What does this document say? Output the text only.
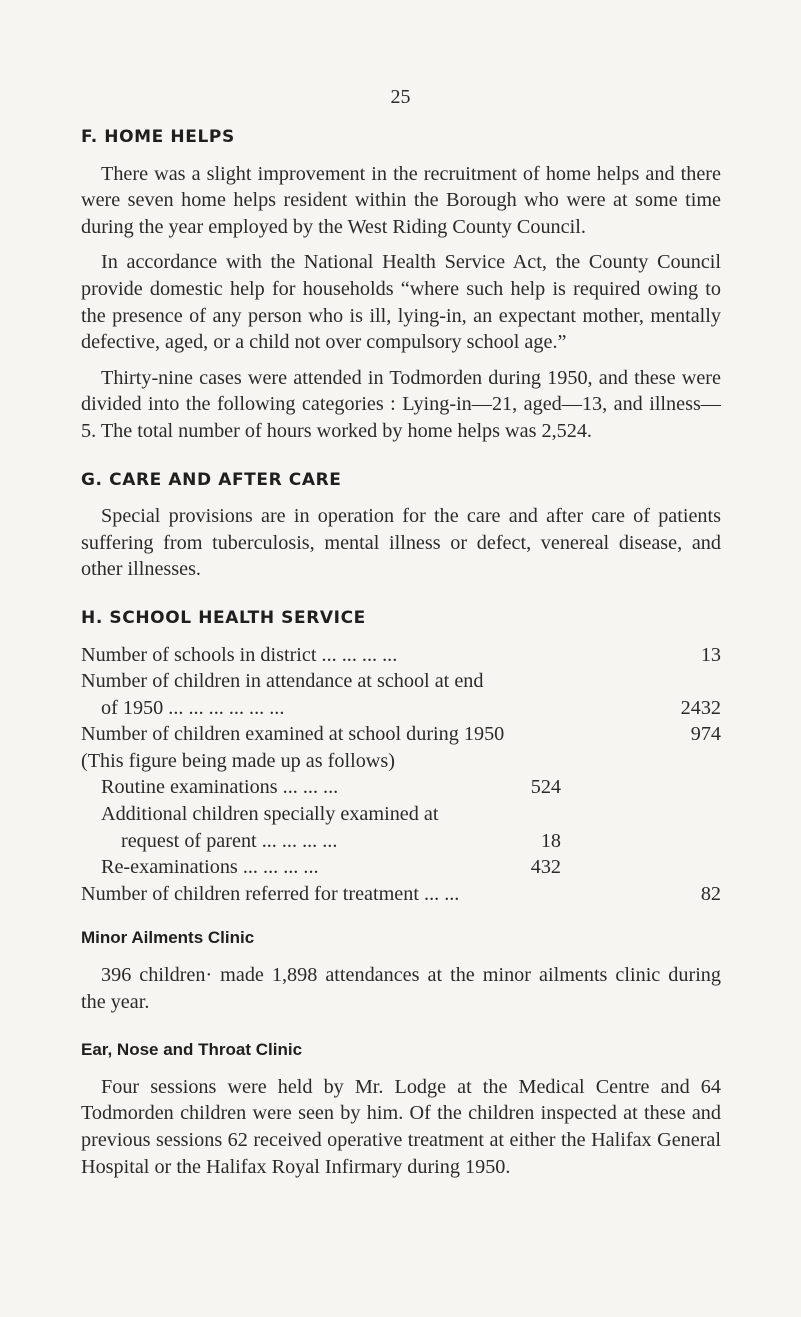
25
F. HOME HELPS

There was a slight improvement in the recruitment of home helps and there were seven home helps resident within the Borough who were at some time during the year employed by the West Riding County Council.

In accordance with the National Health Service Act, the County Council provide domestic help for households “where such help is required owing to the presence of any person who is ill, lying-in, an expectant mother, mentally defective, aged, or a child not over compulsory school age.”

Thirty-nine cases were attended in Todmorden during 1950, and these were divided into the following categories : Lying-in—21, aged—13, and illness—5. The total number of hours worked by home helps was 2,524.

G. CARE AND AFTER CARE

Special provisions are in operation for the care and after care of patients suffering from tuberculosis, mental illness or defect, venereal disease, and other illnesses.

H. SCHOOL HEALTH SERVICE
Number of schools in district ... ... ... ...	13
Number of children in attendance at school at end
of 1950 ... ... ... ... ... ...	2432
Number of children examined at school during 1950	974
(This figure being made up as follows)
Routine examinations ... ... ...	524
Additional children specially examined at
request of parent ... ... ... ...	18
Re-examinations ... ... ... ...	432
Number of children referred for treatment ... ...	82
Minor Ailments Clinic

396 children· made 1,898 attendances at the minor ailments clinic during the year.

Ear, Nose and Throat Clinic

Four sessions were held by Mr. Lodge at the Medical Centre and 64 Todmorden children were seen by him. Of the children inspected at these and previous sessions 62 received operative treatment at either the Halifax General Hospital or the Halifax Royal Infirmary during 1950.
